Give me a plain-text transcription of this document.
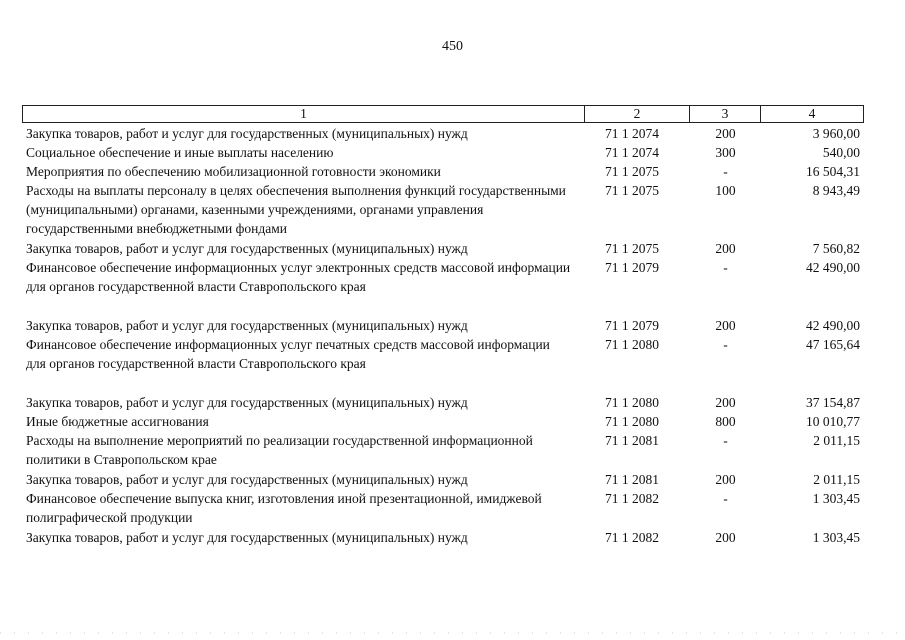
450
1	2	3	4
Закупка товаров, работ и услуг для государственных (муниципальных) нужд	71 1 2074	200	3 960,00
Социальное обеспечение и иные выплаты населению	71 1 2074	300	540,00
Мероприятия по обеспечению мобилизационной готовности экономики	71 1 2075	-	16 504,31
Расходы на выплаты персоналу в целях обеспечения выполнения функций государственными (муниципальными) органами, казенными учреждениями, органами управления государственными внебюджетными фондами
71 1 2075	100	8 943,49
Закупка товаров, работ и услуг для государственных (муниципальных) нужд	71 1 2075	200	7 560,82
Финансовое обеспечение информационных услуг электронных средств массовой информации для органов государственной власти Ставропольского края
71 1 2079	-	42 490,00
Закупка товаров, работ и услуг для государственных (муниципальных) нужд	71 1 2079	200	42 490,00
Финансовое обеспечение информационных услуг печатных средств массовой информации для органов государственной власти Ставропольского края
71 1 2080	-	47 165,64
Закупка товаров, работ и услуг для государственных (муниципальных) нужд	71 1 2080	200	37 154,87
Иные бюджетные ассигнования	71 1 2080	800	10 010,77
Расходы на выполнение мероприятий по реализации государственной информационной политики в Ставропольском крае
71 1 2081	-	2 011,15
Закупка товаров, работ и услуг для государственных (муниципальных) нужд	71 1 2081	200	2 011,15
Финансовое обеспечение выпуска книг, изготовления иной презентационной, имиджевой полиграфической продукции
71 1 2082	-	1 303,45
Закупка товаров, работ и услуг для государственных (муниципальных) нужд	71 1 2082	200	1 303,45
